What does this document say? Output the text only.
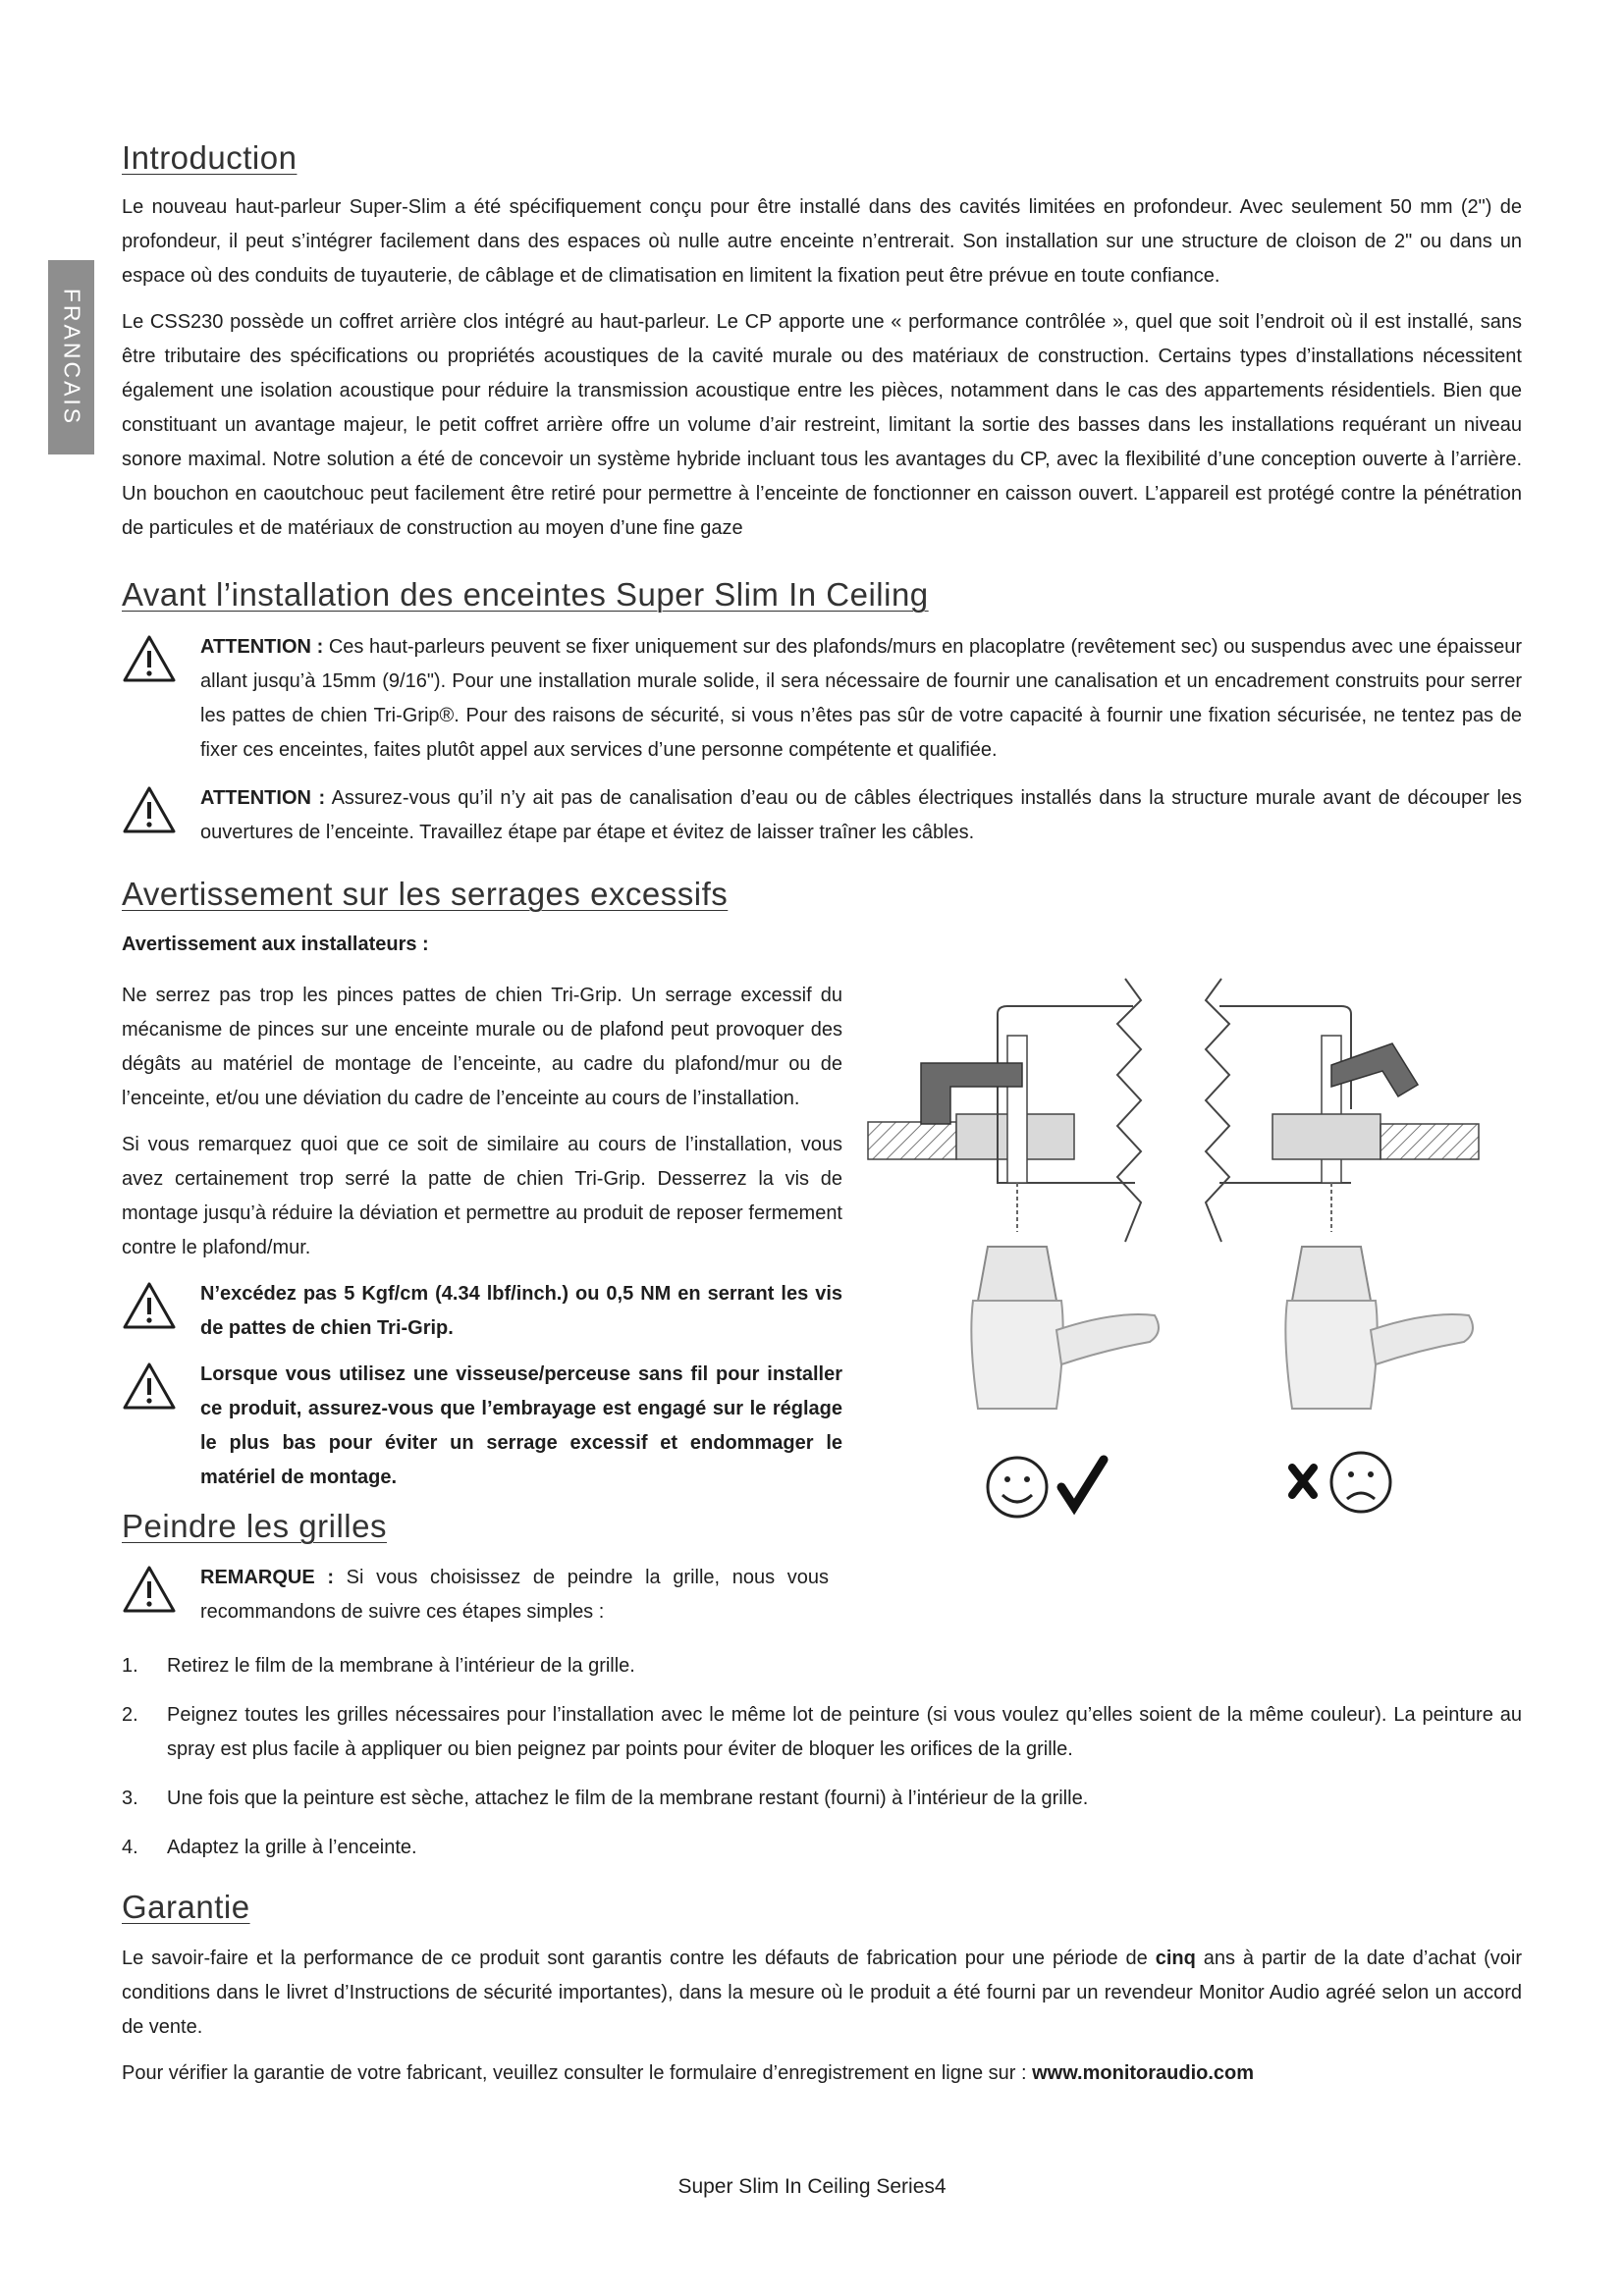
FRANCAIS
Introduction

Le nouveau haut-parleur Super-Slim a été spécifiquement conçu pour être installé dans des cavités limitées en profondeur. Avec seulement 50 mm (2") de profondeur, il peut s’intégrer facilement dans des espaces où nulle autre enceinte n’entrerait. Son installation sur une structure de cloison de 2" ou dans un espace où des conduits de tuyauterie, de câblage et de climatisation en limitent la fixation peut être prévue en toute confiance.

Le CSS230 possède un coffret arrière clos intégré au haut-parleur. Le CP apporte une « performance contrôlée », quel que soit l’endroit où il est installé, sans être tributaire des spécifications ou propriétés acoustiques de la cavité murale ou des matériaux de construction. Certains types d’installations nécessitent également une isolation acoustique pour réduire la transmission acoustique entre les pièces, notamment dans le cas des appartements résidentiels. Bien que constituant un avantage majeur, le petit coffret arrière offre un volume d’air restreint, limitant la sortie des basses dans les installations requérant un niveau sonore maximal. Notre solution a été de concevoir un système hybride incluant tous les avantages du CP, avec la flexibilité d’une conception ouverte à l’arrière. Un bouchon en caoutchouc peut facilement être retiré pour permettre à l’enceinte de fonctionner en caisson ouvert. L’appareil est protégé contre la pénétration de particules et de matériaux de construction au moyen d’une fine gaze

Avant l’installation des enceintes Super Slim In Ceiling

ATTENTION : Ces haut-parleurs peuvent se fixer uniquement sur des plafonds/murs en placoplatre (revêtement sec) ou suspendus avec une épaisseur allant jusqu’à 15mm (9/16"). Pour une installation murale solide, il sera nécessaire de fournir une canalisation et un encadrement construits pour serrer les pattes de chien Tri-Grip®. Pour des raisons de sécurité, si vous n’êtes pas sûr de votre capacité à fournir une fixation sécurisée, ne tentez pas de fixer ces enceintes, faites plutôt appel aux services d’une personne compétente et qualifiée.

ATTENTION : Assurez-vous qu’il n’y ait pas de canalisation d’eau ou de câbles électriques installés dans la structure murale avant de découper les ouvertures de l’enceinte. Travaillez étape par étape et évitez de laisser traîner les câbles.

Avertissement sur les serrages excessifs

Avertissement aux installateurs :

Ne serrez pas trop les pinces pattes de chien Tri-Grip. Un serrage excessif du mécanisme de pinces sur une enceinte murale ou de plafond peut provoquer des dégâts au matériel de montage de l’enceinte, au cadre du plafond/mur ou de l’enceinte, et/ou une déviation du cadre de l’enceinte au cours de l’installation.

Si vous remarquez quoi que ce soit de similaire au cours de l’installation, vous avez certainement trop serré la patte de chien Tri-Grip. Desserrez la vis de montage jusqu’à réduire la déviation et permettre au produit de reposer fermement contre le plafond/mur.

N’excédez pas 5 Kgf/cm (4.34 lbf/inch.) ou 0,5 NM en serrant les vis de pattes de chien Tri-Grip.

Lorsque vous utilisez une visseuse/perceuse sans fil pour installer ce produit, assurez-vous que l’embrayage est engagé sur le réglage le plus bas pour éviter un serrage excessif et endommager le matériel de montage.

Peindre les grilles

REMARQUE : Si vous choisissez de peindre la grille, nous vous recommandons de suivre ces étapes simples :

1.	Retirez le film de la membrane à l’intérieur de la grille.
2.	Peignez toutes les grilles nécessaires pour l’installation avec le même lot de peinture (si vous voulez qu’elles soient de la même couleur). La peinture au spray est plus facile à appliquer ou bien peignez par points pour éviter de bloquer les orifices de la grille.
3.	Une fois que la peinture est sèche, attachez le film de la membrane restant (fourni) à l’intérieur de la grille.
4.	Adaptez la grille à l’enceinte.
Garantie

Le savoir-faire et la performance de ce produit sont garantis contre les défauts de fabrication pour une période de cinq ans à partir de la date d’achat (voir conditions dans le livret d’Instructions de sécurité importantes), dans la mesure où le produit a été fourni par un revendeur Monitor Audio agréé selon un accord de vente.

Pour vérifier la garantie de votre fabricant, veuillez consulter le formulaire d’enregistrement en ligne sur : www.monitoraudio.com

Super Slim In Ceiling Series4
